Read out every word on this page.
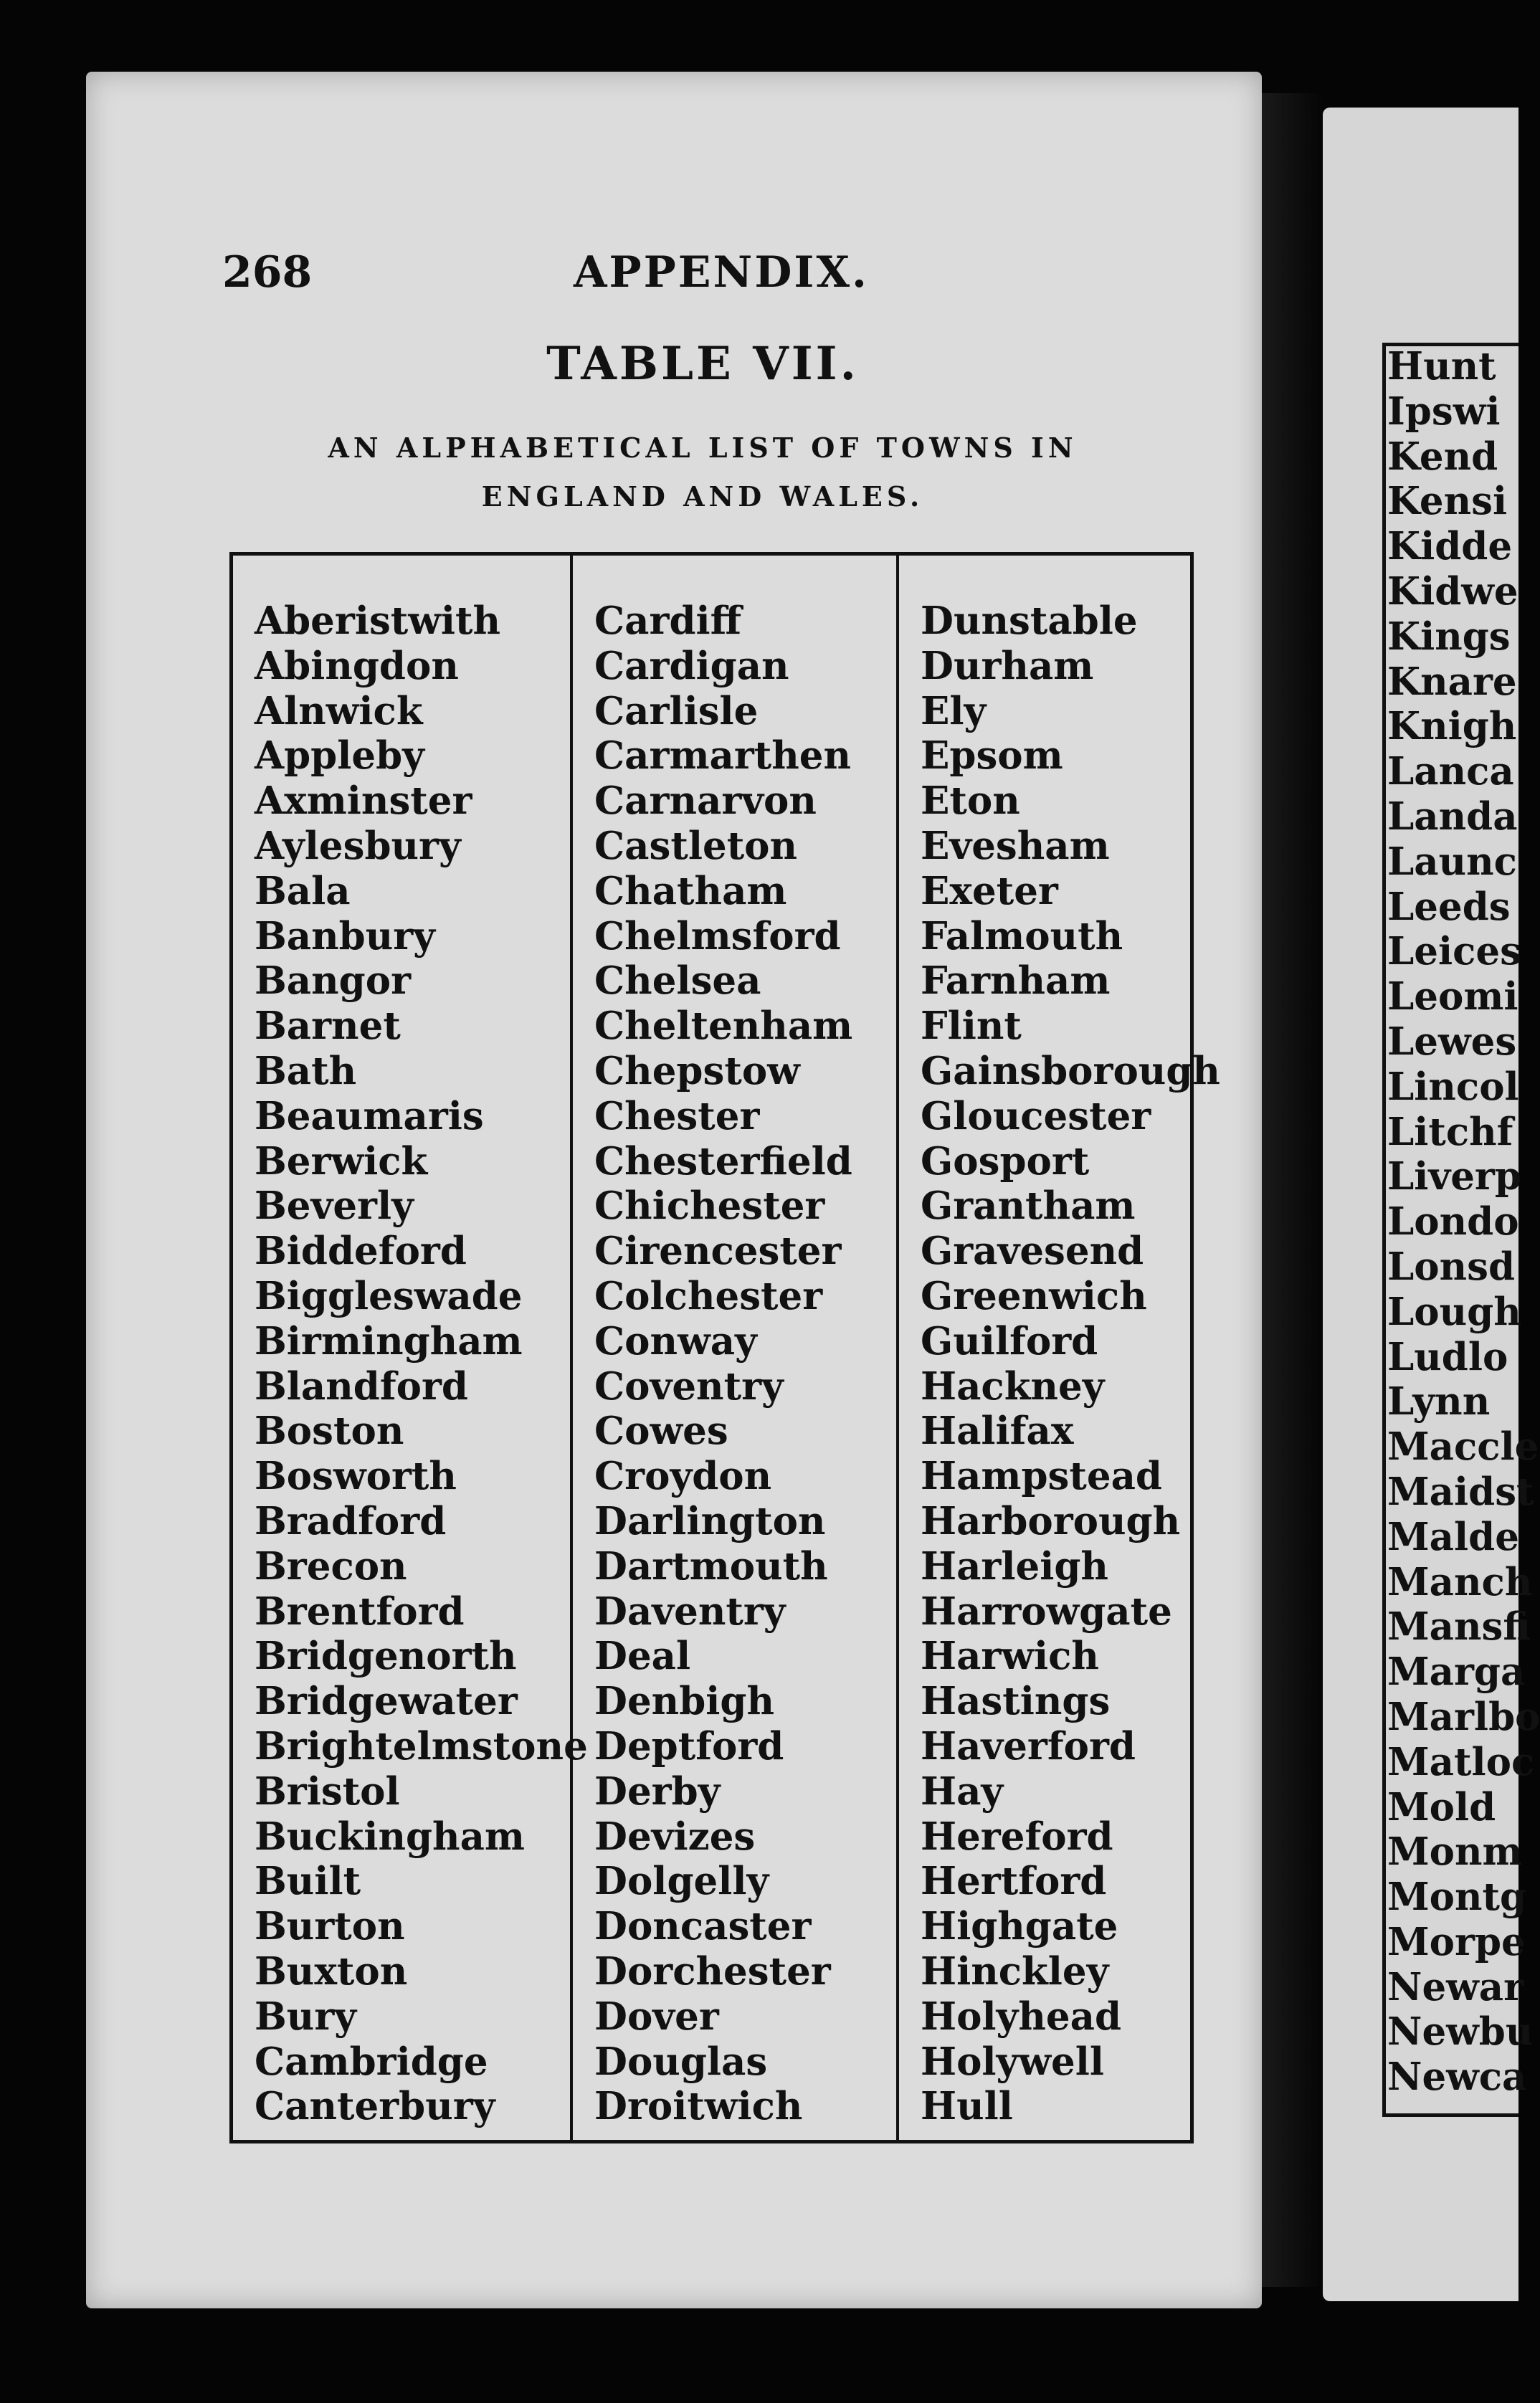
268	APPENDIX.
TABLE VII.
AN ALPHABETICAL LIST OF TOWNS IN
ENGLAND AND WALES.
Aberistwith
Abingdon
Alnwick
Appleby
Axminster
Aylesbury
Bala
Banbury
Bangor
Barnet
Bath
Beaumaris
Berwick
Beverly
Biddeford
Biggleswade
Birmingham
Blandford
Boston
Bosworth
Bradford
Brecon
Brentford
Bridgenorth
Bridgewater
Brightelmstone
Bristol
Buckingham
Built
Burton
Buxton
Bury
Cambridge
Canterbury
Cardiff
Cardigan
Carlisle
Carmarthen
Carnarvon
Castleton
Chatham
Chelmsford
Chelsea
Cheltenham
Chepstow
Chester
Chesterfield
Chichester
Cirencester
Colchester
Conway
Coventry
Cowes
Croydon
Darlington
Dartmouth
Daventry
Deal
Denbigh
Deptford
Derby
Devizes
Dolgelly
Doncaster
Dorchester
Dover
Douglas
Droitwich
Dunstable
Durham
Ely
Epsom
Eton
Evesham
Exeter
Falmouth
Farnham
Flint
Gainsborough
Gloucester
Gosport
Grantham
Gravesend
Greenwich
Guilford
Hackney
Halifax
Hampstead
Harborough
Harleigh
Harrowgate
Harwich
Hastings
Haverford
Hay
Hereford
Hertford
Highgate
Hinckley
Holyhead
Holywell
Hull
Hunt
Ipswi
Kend
Kensi
Kidde
Kidwe
Kings
Knare
Knigh
Lanca
Landa
Launc
Leeds
Leices
Leomi
Lewes
Lincol
Litchf
Liverp
Londo
Lonsd
Lough
Ludlo
Lynn
Maccle
Maidst
Malde
Manch
Mansfi
Marga
Marlbo
Matloc
Mold
Monm
Montg
Morpe
Newar
Newbu
Newca
